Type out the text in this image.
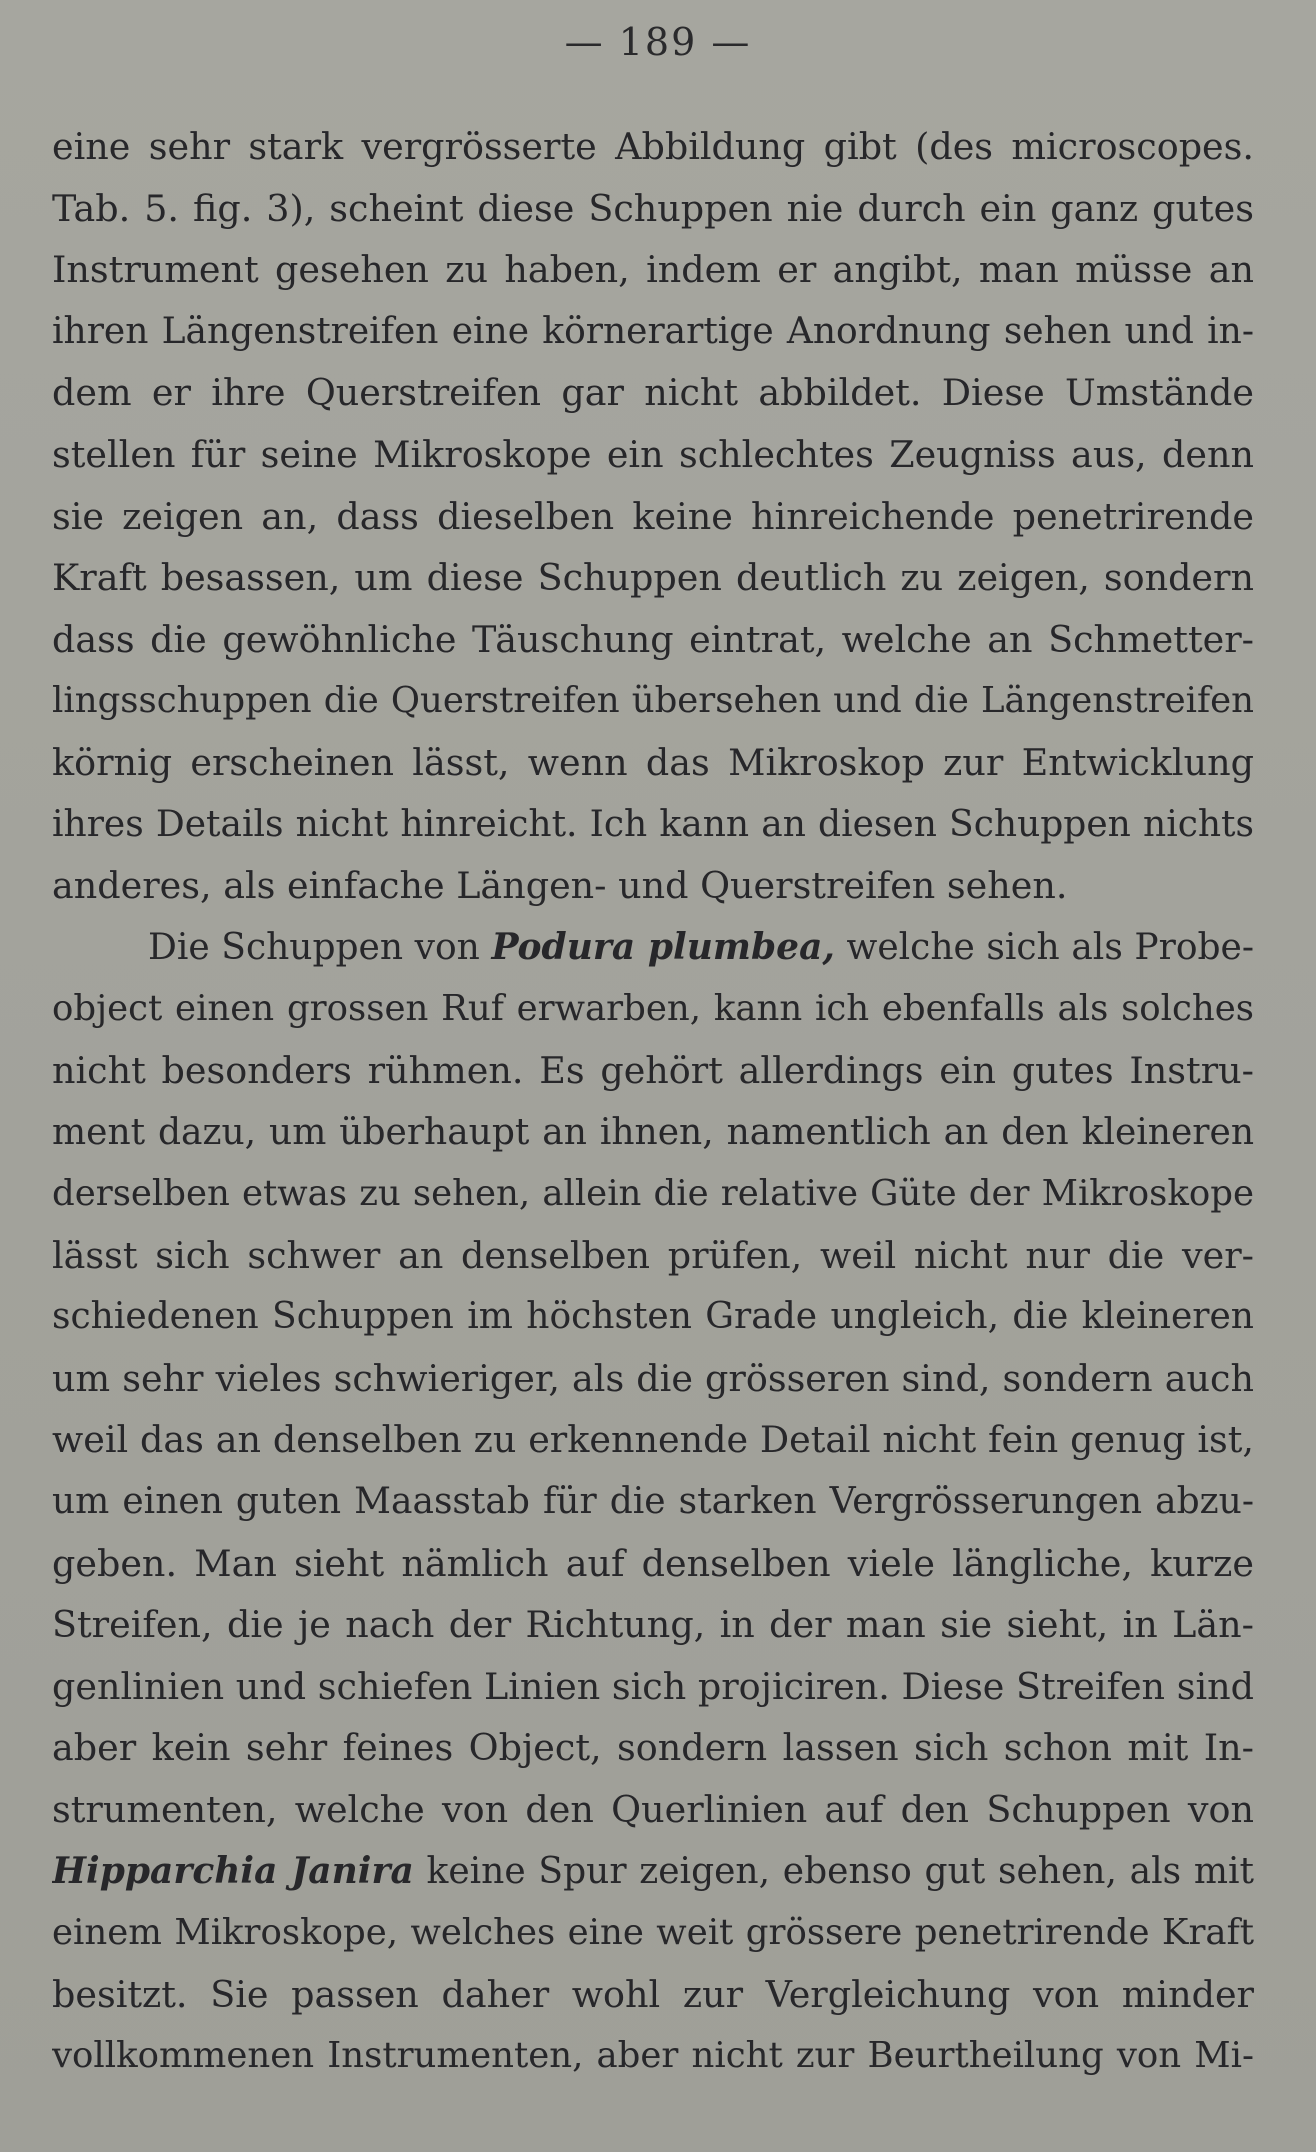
— 189 —
eine sehr stark vergrösserte Abbildung gibt (des microscopes.
Tab. 5. fig. 3), scheint diese Schuppen nie durch ein ganz gutes
Instrument gesehen zu haben, indem er angibt, man müsse an
ihren Längenstreifen eine körnerartige Anordnung sehen und in-
dem er ihre Querstreifen gar nicht abbildet. Diese Umstände
stellen für seine Mikroskope ein schlechtes Zeugniss aus, denn
sie zeigen an, dass dieselben keine hinreichende penetrirende
Kraft besassen, um diese Schuppen deutlich zu zeigen, sondern
dass die gewöhnliche Täuschung eintrat, welche an Schmetter-
lingsschuppen die Querstreifen übersehen und die Längenstreifen
körnig erscheinen lässt, wenn das Mikroskop zur Entwicklung
ihres Details nicht hinreicht. Ich kann an diesen Schuppen nichts
anderes, als einfache Längen- und Querstreifen sehen.
Die Schuppen von Podura plumbea, welche sich als Probe-
object einen grossen Ruf erwarben, kann ich ebenfalls als solches
nicht besonders rühmen. Es gehört allerdings ein gutes Instru-
ment dazu, um überhaupt an ihnen, namentlich an den kleineren
derselben etwas zu sehen, allein die relative Güte der Mikroskope
lässt sich schwer an denselben prüfen, weil nicht nur die ver-
schiedenen Schuppen im höchsten Grade ungleich, die kleineren
um sehr vieles schwieriger, als die grösseren sind, sondern auch
weil das an denselben zu erkennende Detail nicht fein genug ist,
um einen guten Maasstab für die starken Vergrösserungen abzu-
geben. Man sieht nämlich auf denselben viele längliche, kurze
Streifen, die je nach der Richtung, in der man sie sieht, in Län-
genlinien und schiefen Linien sich projiciren. Diese Streifen sind
aber kein sehr feines Object, sondern lassen sich schon mit In-
strumenten, welche von den Querlinien auf den Schuppen von
Hipparchia Janira keine Spur zeigen, ebenso gut sehen, als mit
einem Mikroskope, welches eine weit grössere penetrirende Kraft
besitzt. Sie passen daher wohl zur Vergleichung von minder
vollkommenen Instrumenten, aber nicht zur Beurtheilung von Mi-
